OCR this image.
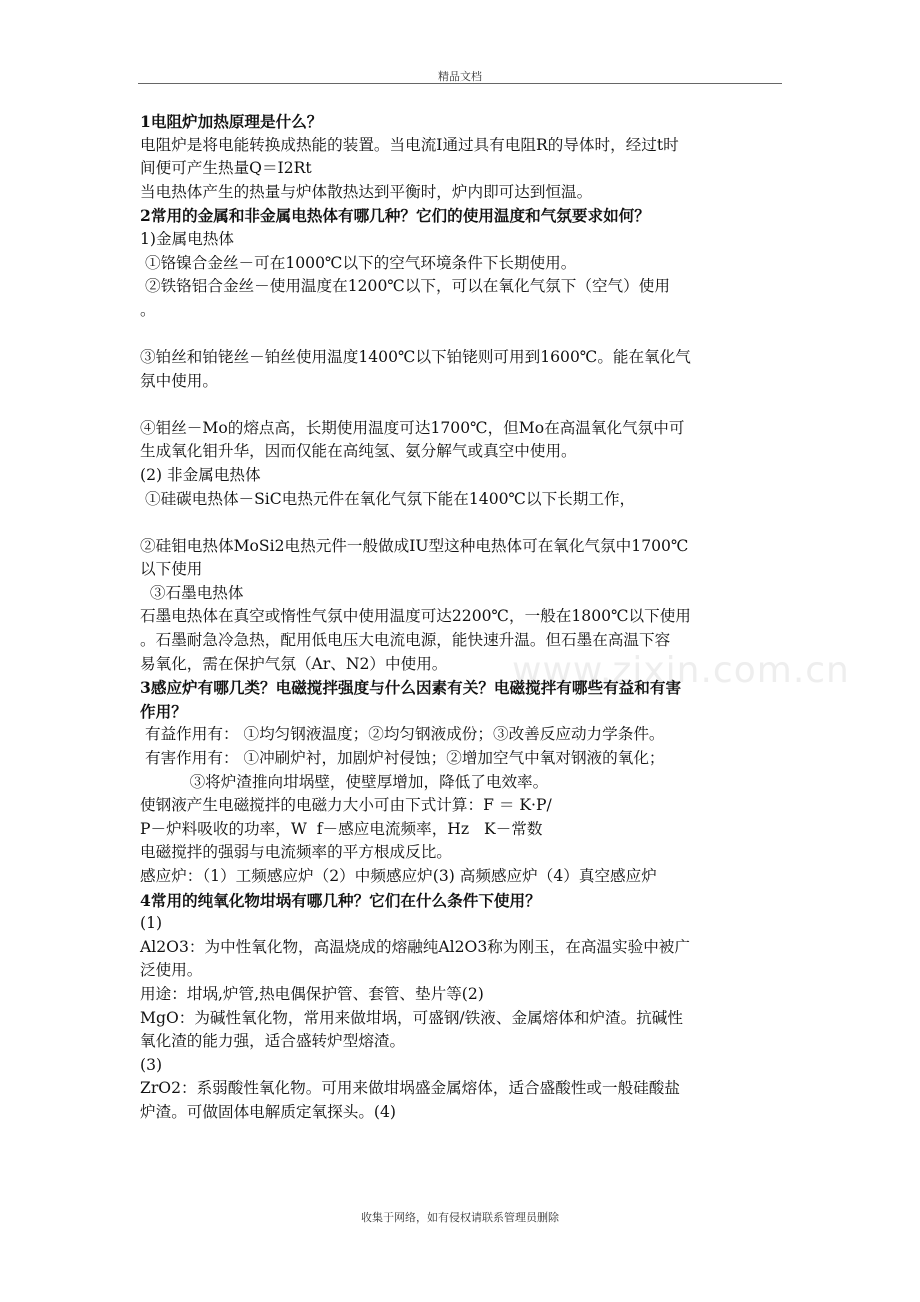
精品文档
www.zixin.com.cn

1电阻炉加热原理是什么？

电阻炉是将电能转换成热能的装置。当电流I通过具有电阻R的导体时，经过t时

间便可产生热量Q＝I2Rt

当电热体产生的热量与炉体散热达到平衡时，炉内即可达到恒温。

2常用的金属和非金属电热体有哪几种？它们的使用温度和气氛要求如何？

1)金属电热体

①铬镍合金丝－可在1000℃以下的空气环境条件下长期使用。

②铁铬铝合金丝－使用温度在1200℃以下，可以在氧化气氛下（空气）使用

。

③铂丝和铂铑丝－铂丝使用温度1400℃以下铂铑则可用到1600℃。能在氧化气

氛中使用。

④钼丝－Mo的熔点高，长期使用温度可达1700℃，但Mo在高温氧化气氛中可

生成氧化钼升华，因而仅能在高纯氢、氨分解气或真空中使用。

(2) 非金属电热体

①硅碳电热体－SiC电热元件在氧化气氛下能在1400℃以下长期工作，

②硅钼电热体MoSi2电热元件一般做成IU型这种电热体可在氧化气氛中1700℃

以下使用

③石墨电热体

石墨电热体在真空或惰性气氛中使用温度可达2200℃，一般在1800℃以下使用

。石墨耐急冷急热，配用低电压大电流电源，能快速升温。但石墨在高温下容

易氧化，需在保护气氛（Ar、N2）中使用。

3感应炉有哪几类？电磁搅拌强度与什么因素有关？电磁搅拌有哪些有益和有害

作用？

有益作用有： ①均匀钢液温度；②均匀钢液成份；③改善反应动力学条件。

有害作用有： ①冲刷炉衬，加剧炉衬侵蚀；②增加空气中氧对钢液的氧化；

③将炉渣推向坩埚壁，使壁厚增加，降低了电效率。

使钢液产生电磁搅拌的电磁力大小可由下式计算：F ＝ K·P/

P－炉料吸收的功率，W  f－感应电流频率，Hz   K－常数

电磁搅拌的强弱与电流频率的平方根成反比。

感应炉：（1）工频感应炉（2）中频感应炉(3) 高频感应炉（4）真空感应炉

4常用的纯氧化物坩埚有哪几种？它们在什么条件下使用？

(1)

Al2O3：为中性氧化物，高温烧成的熔融纯Al2O3称为刚玉，在高温实验中被广

泛使用。

用途：坩埚,炉管,热电偶保护管、套管、垫片等(2)

MgO：为碱性氧化物，常用来做坩埚，可盛钢/铁液、金属熔体和炉渣。抗碱性

氧化渣的能力强，适合盛转炉型熔渣。

(3)

ZrO2：系弱酸性氧化物。可用来做坩埚盛金属熔体，适合盛酸性或一般硅酸盐

炉渣。可做固体电解质定氧探头。(4)

收集于网络，如有侵权请联系管理员删除
